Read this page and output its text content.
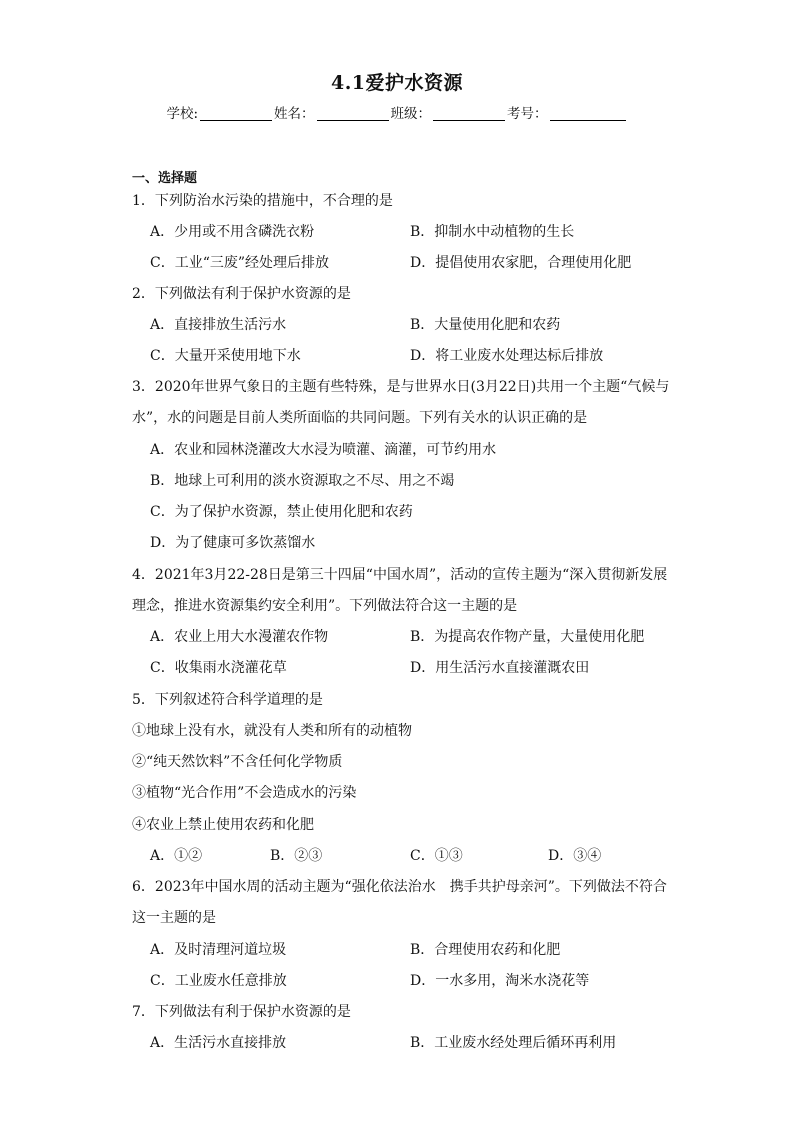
4.1爱护水资源
学校:	姓名：	班级：	考号：
一、选择题
1．下列防治水污染的措施中，不合理的是
A．少用或不用含磷洗衣粉	B．抑制水中动植物的生长
C．工业“三废”经处理后排放	D．提倡使用农家肥，合理使用化肥
2．下列做法有利于保护水资源的是
A．直接排放生活污水	B．大量使用化肥和农药
C．大量开采使用地下水	D．将工业废水处理达标后排放
3．2020年世界气象日的主题有些特殊，是与世界水日(3月22日)共用一个主题“气候与
水”，水的问题是目前人类所面临的共同问题。下列有关水的认识正确的是
A．农业和园林浇灌改大水浸为喷灌、滴灌，可节约用水
B．地球上可利用的淡水资源取之不尽、用之不竭
C．为了保护水资源，禁止使用化肥和农药
D．为了健康可多饮蒸馏水
4．2021年3月22-28日是第三十四届“中国水周”，活动的宣传主题为“深入贯彻新发展
理念，推进水资源集约安全利用”。下列做法符合这一主题的是
A．农业上用大水漫灌农作物	B．为提高农作物产量，大量使用化肥
C．收集雨水浇灌花草	D．用生活污水直接灌溉农田
5．下列叙述符合科学道理的是
①地球上没有水，就没有人类和所有的动植物
②“纯天然饮料”不含任何化学物质
③植物“光合作用”不会造成水的污染
④农业上禁止使用农药和化肥
A．①②	B．②③	C．①③	D．③④
6．2023年中国水周的活动主题为“强化依法治水　携手共护母亲河”。下列做法不符合
这一主题的是
A．及时清理河道垃圾	B．合理使用农药和化肥
C．工业废水任意排放	D．一水多用，淘米水浇花等
7．下列做法有利于保护水资源的是
A．生活污水直接排放	B．工业废水经处理后循环再利用
